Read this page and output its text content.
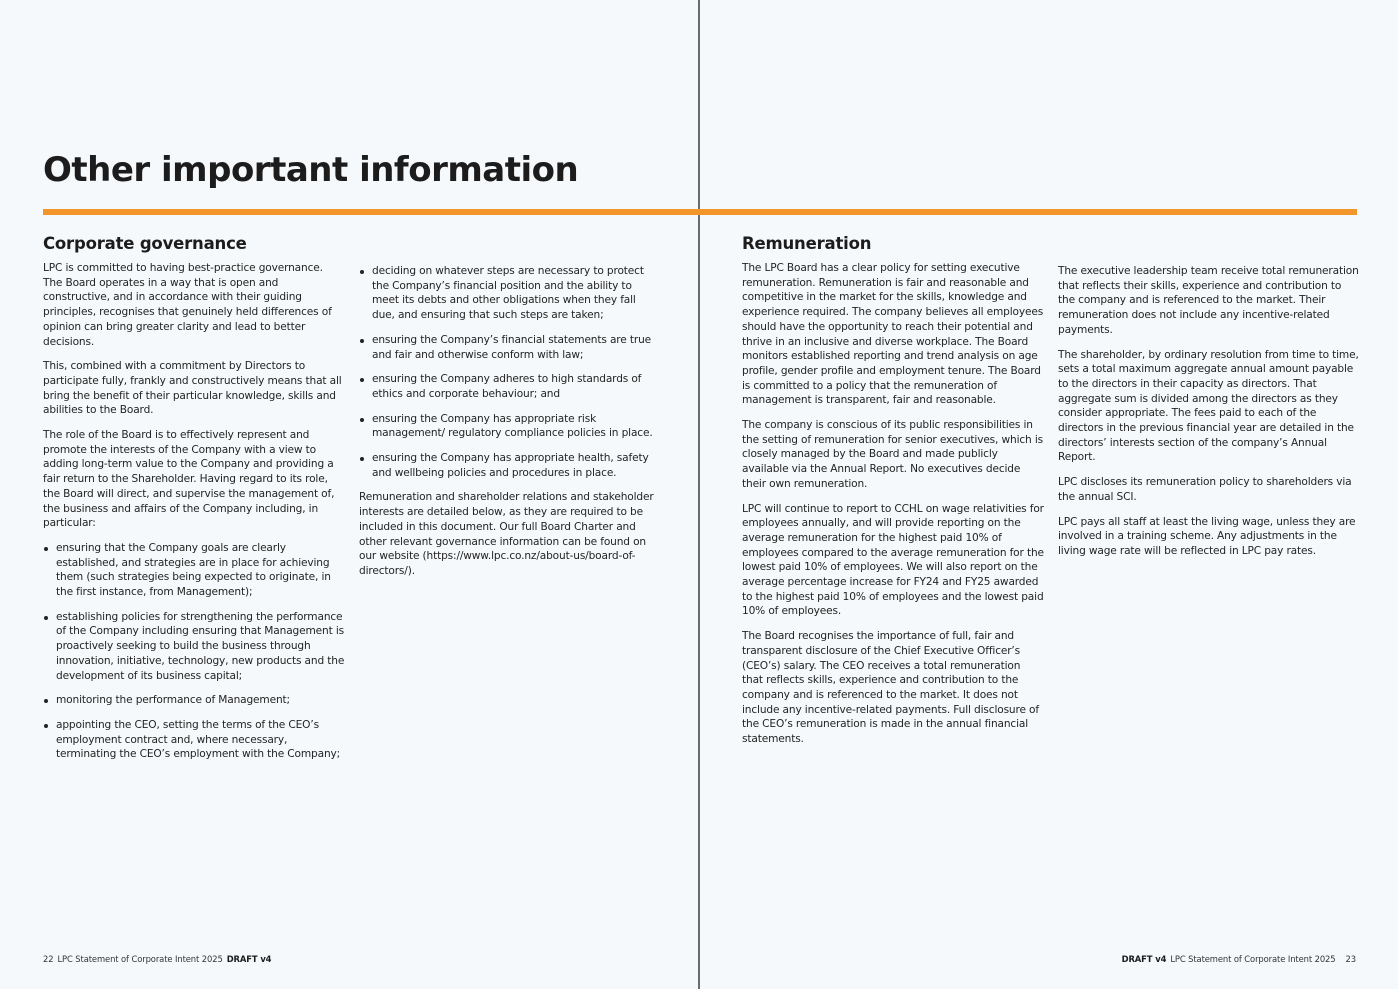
Other important information
Corporate governance

LPC is committed to having best-practice governance. The Board operates in a way that is open and constructive, and in accordance with their guiding principles, recognises that genuinely held differences of opinion can bring greater clarity and lead to better decisions.

This, combined with a commitment by Directors to participate fully, frankly and constructively means that all bring the benefit of their particular knowledge, skills and abilities to the Board.

The role of the Board is to effectively represent and promote the interests of the Company with a view to adding long-term value to the Company and providing a fair return to the Shareholder. Having regard to its role, the Board will direct, and supervise the management of, the business and affairs of the Company including, in particular:

ensuring that the Company goals are clearly established, and strategies are in place for achieving them (such strategies being expected to originate, in the first instance, from Management);
establishing policies for strengthening the performance of the Company including ensuring that Management is proactively seeking to build the business through innovation, initiative, technology, new products and the development of its business capital;
monitoring the performance of Management;
appointing the CEO, setting the terms of the CEO’s employment contract and, where necessary, terminating the CEO’s employment with the Company;
deciding on whatever steps are necessary to protect the Company’s financial position and the ability to meet its debts and other obligations when they fall due, and ensuring that such steps are taken;
ensuring the Company’s financial statements are true and fair and otherwise conform with law;
ensuring the Company adheres to high standards of ethics and corporate behaviour; and
ensuring the Company has appropriate risk management/ regulatory compliance policies in place.
ensuring the Company has appropriate health, safety and wellbeing policies and procedures in place.

Remuneration and shareholder relations and stakeholder interests are detailed below, as they are required to be included in this document. Our full Board Charter and other relevant governance information can be found on our website (https://www.lpc.co.nz/about-us/board-of-directors/).

Remuneration

The LPC Board has a clear policy for setting executive remuneration. Remuneration is fair and reasonable and competitive in the market for the skills, knowledge and experience required. The company believes all employees should have the opportunity to reach their potential and thrive in an inclusive and diverse workplace. The Board monitors established reporting and trend analysis on age profile, gender profile and employment tenure. The Board is committed to a policy that the remuneration of management is transparent, fair and reasonable.

The company is conscious of its public responsibilities in the setting of remuneration for senior executives, which is closely managed by the Board and made publicly available via the Annual Report. No executives decide their own remuneration.

LPC will continue to report to CCHL on wage relativities for employees annually, and will provide reporting on the average remuneration for the highest paid 10% of employees compared to the average remuneration for the lowest paid 10% of employees. We will also report on the average percentage increase for FY24 and FY25 awarded to the highest paid 10% of employees and the lowest paid 10% of employees.

The Board recognises the importance of full, fair and transparent disclosure of the Chief Executive Officer’s (CEO’s) salary. The CEO receives a total remuneration that reflects skills, experience and contribution to the company and is referenced to the market. It does not include any incentive-related payments. Full disclosure of the CEO’s remuneration is made in the annual financial statements.

The executive leadership team receive total remuneration that reflects their skills, experience and contribution to the company and is referenced to the market. Their remuneration does not include any incentive-related payments.

The shareholder, by ordinary resolution from time to time, sets a total maximum aggregate annual amount payable to the directors in their capacity as directors. That aggregate sum is divided among the directors as they consider appropriate. The fees paid to each of the directors in the previous financial year are detailed in the directors’ interests section of the company’s Annual Report.

LPC discloses its remuneration policy to shareholders via the annual SCI.

LPC pays all staff at least the living wage, unless they are involved in a training scheme. Any adjustments in the living wage rate will be reflected in LPC pay rates.

22 LPC Statement of Corporate Intent 2025 DRAFT v4	DRAFT v4 LPC Statement of Corporate Intent 2025 23
